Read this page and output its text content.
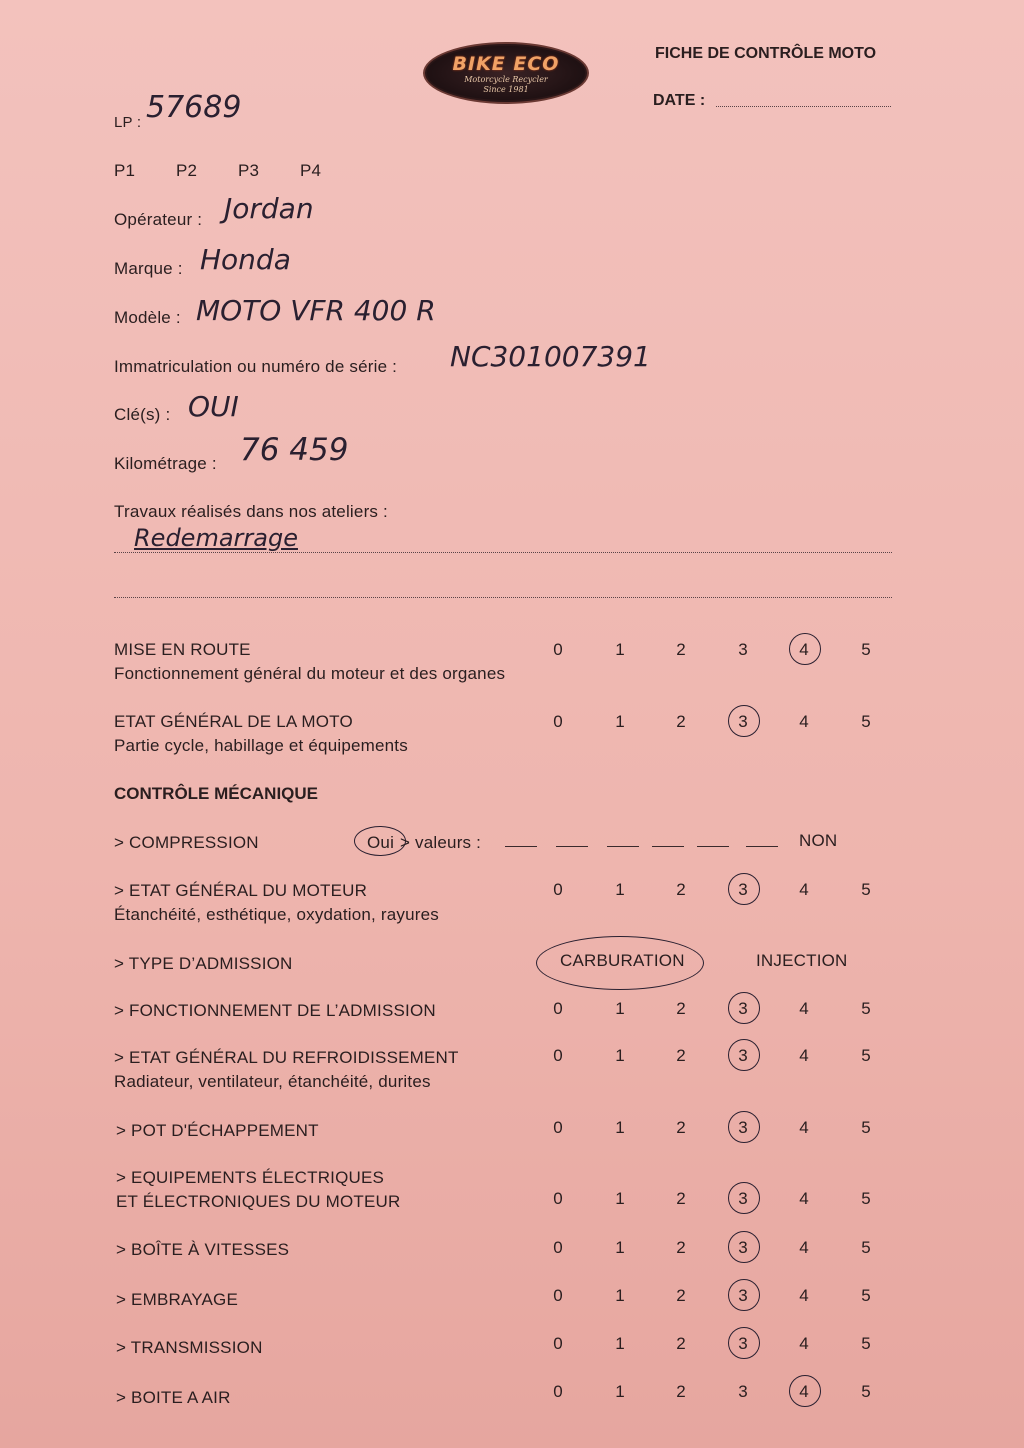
BIKE ECO
Motorcycle Recycler
Since 1981
FICHE DE CONTRÔLE MOTO
DATE :
LP : 57689
P1 P2 P3 P4
Opérateur : Jordan
Marque : Honda
Modèle : MOTO VFR 400 R
Immatriculation ou numéro de série : NC301007391
Clé(s) : OUI
Kilométrage : 76 459
Travaux réalisés dans nos ateliers :
Redemarrage
MISE EN ROUTE
Fonctionnement général du moteur et des organes
0	1	2	3	4	5
ETAT GÉNÉRAL DE LA MOTO
Partie cycle, habillage et équipements
0	1	2	3	4	5
CONTRÔLE MÉCANIQUE
> COMPRESSION	Oui > valeurs :	NON
> ETAT GÉNÉRAL DU MOTEUR
Étanchéité, esthétique, oxydation, rayures
0	1	2	3	4	5
> TYPE D’ADMISSION	CARBURATION	INJECTION
> FONCTIONNEMENT DE L’ADMISSION	0	1	2	3	4	5
> ETAT GÉNÉRAL DU REFROIDISSEMENT
Radiateur, ventilateur, étanchéité, durites
0	1	2	3	4	5
> POT D'ÉCHAPPEMENT	0	1	2	3	4	5
> EQUIPEMENTS ÉLECTRIQUES
ET ÉLECTRONIQUES DU MOTEUR	0	1	2	3	4	5
> BOÎTE À VITESSES	0	1	2	3	4	5
> EMBRAYAGE	0	1	2	3	4	5
> TRANSMISSION	0	1	2	3	4	5
> BOITE A AIR	0	1	2	3	4	5
